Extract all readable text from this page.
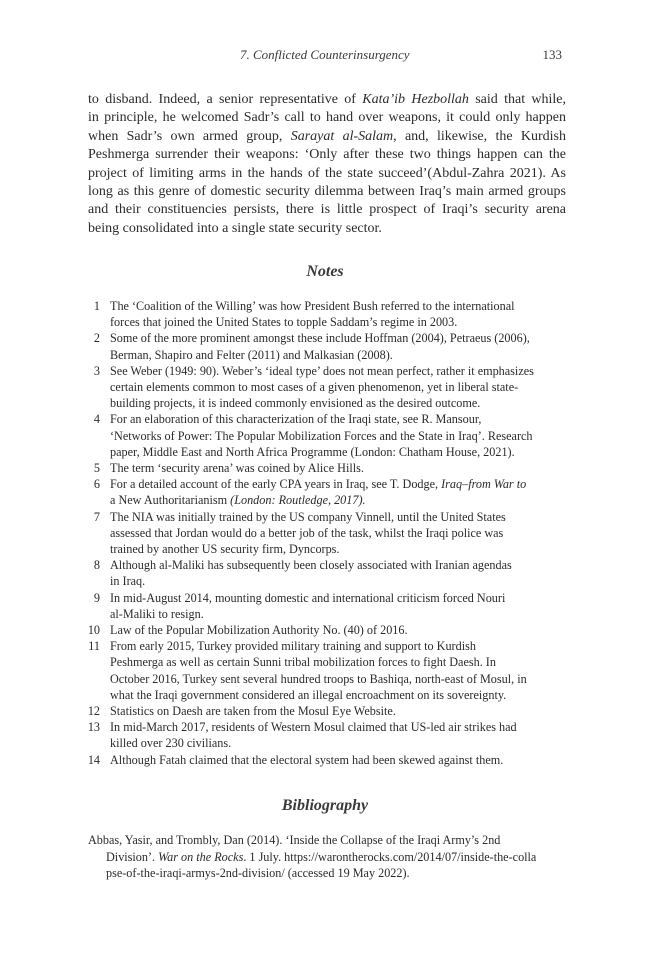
7. Conflicted Counterinsurgency	133

to disband. Indeed, a senior representative of Kata’ib Hezbollah said that while,
in principle, he welcomed Sadr’s call to hand over weapons, it could only happen
when Sadr’s own armed group, Sarayat al-Salam, and, likewise, the Kurdish
Peshmerga surrender their weapons: ‘Only after these two things happen can the
project of limiting arms in the hands of the state succeed’(Abdul-Zahra 2021). As
long as this genre of domestic security dilemma between Iraq’s main armed groups
and their constituencies persists, there is little prospect of Iraqi’s security arena
being consolidated into a single state security sector.

Notes
1 The ‘Coalition of the Willing’ was how President Bush referred to the international
forces that joined the United States to topple Saddam’s regime in 2003.
2 Some of the more prominent amongst these include Hoffman (2004), Petraeus (2006),
Berman, Shapiro and Felter (2011) and Malkasian (2008).
3 See Weber (1949: 90). Weber’s ‘ideal type’ does not mean perfect, rather it emphasizes
certain elements common to most cases of a given phenomenon, yet in liberal state-
building projects, it is indeed commonly envisioned as the desired outcome.
4 For an elaboration of this characterization of the Iraqi state, see R. Mansour,
‘Networks of Power: The Popular Mobilization Forces and the State in Iraq’. Research
paper, Middle East and North Africa Programme (London: Chatham House, 2021).
5 The term ‘security arena’ was coined by Alice Hills.
6 For a detailed account of the early CPA years in Iraq, see T. Dodge, Iraq–from War to
a New Authoritarianism (London: Routledge, 2017).
7 The NIA was initially trained by the US company Vinnell, until the United States
assessed that Jordan would do a better job of the task, whilst the Iraqi police was
trained by another US security firm, Dyncorps.
8 Although al-Maliki has subsequently been closely associated with Iranian agendas
in Iraq.
9 In mid-August 2014, mounting domestic and international criticism forced Nouri
al-Maliki to resign.
10 Law of the Popular Mobilization Authority No. (40) of 2016.
11 From early 2015, Turkey provided military training and support to Kurdish
Peshmerga as well as certain Sunni tribal mobilization forces to fight Daesh. In
October 2016, Turkey sent several hundred troops to Bashiqa, north-east of Mosul, in
what the Iraqi government considered an illegal encroachment on its sovereignty.
12 Statistics on Daesh are taken from the Mosul Eye Website.
13 In mid-March 2017, residents of Western Mosul claimed that US-led air strikes had
killed over 230 civilians.
14 Although Fatah claimed that the electoral system had been skewed against them.
Bibliography
Abbas, Yasir, and Trombly, Dan (2014). ‘Inside the Collapse of the Iraqi Army’s 2nd
Division’. War on the Rocks. 1 July. https://warontherocks.com/2014/07/inside-the-colla
pse-of-the-iraqi-armys-2nd-division/ (accessed 19 May 2022).
